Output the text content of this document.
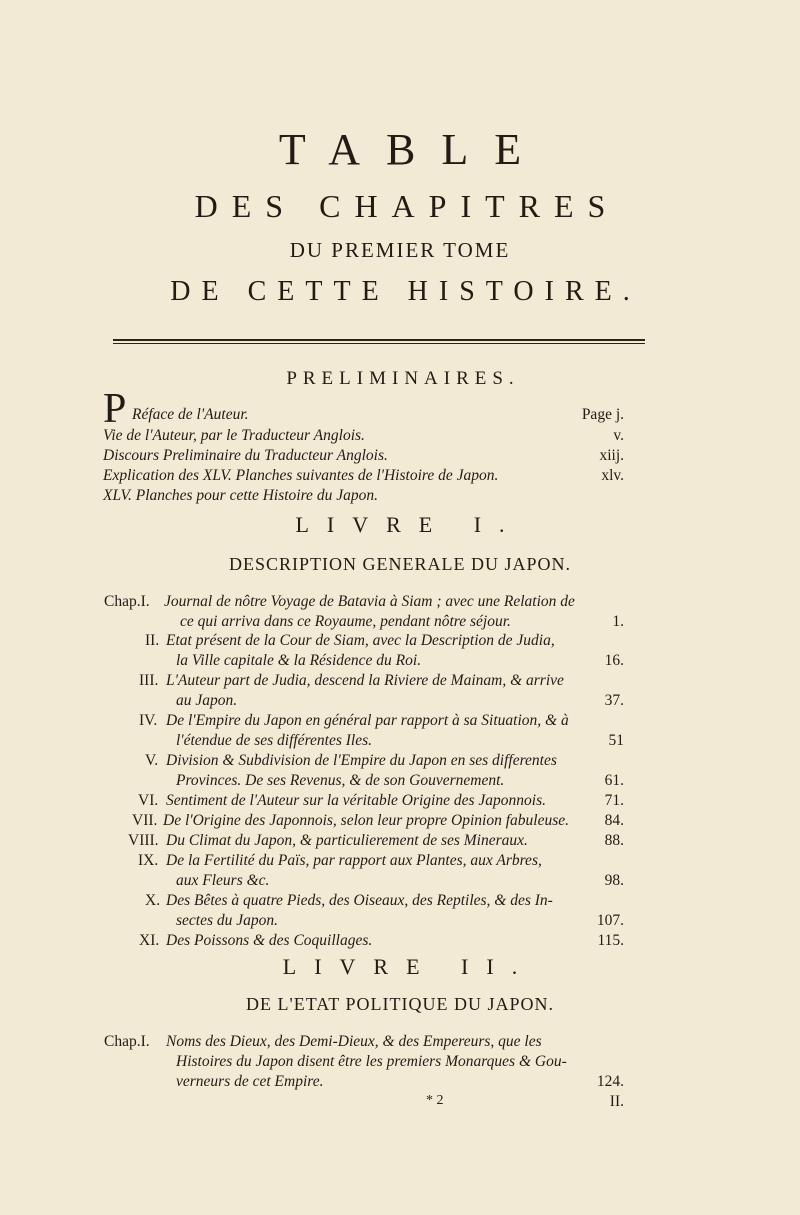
TABLE
DES CHAPITRES
DU PREMIER TOME
DE CETTE HISTOIRE.
PRELIMINAIRES.
P Réface de l'Auteur.	Page j.
Vie de l'Auteur, par le Traducteur Anglois.	v.
Discours Preliminaire du Traducteur Anglois.	xiij.
Explication des XLV. Planches suivantes de l'Histoire de Japon.	xlv.
XLV. Planches pour cette Histoire du Japon.
LIVRE I.
DESCRIPTION GENERALE DU JAPON.
Chap.I. Journal de nôtre Voyage de Batavia à Siam ; avec une Relation de
ce qui arriva dans ce Royaume, pendant nôtre séjour.	1.
II. Etat présent de la Cour de Siam, avec la Description de Judia,
la Ville capitale & la Résidence du Roi.	16.
III. L'Auteur part de Judia, descend la Riviere de Mainam, & arrive
au Japon.	37.
IV. De l'Empire du Japon en général par rapport à sa Situation, & à
l'étendue de ses différentes Iles.	51
V. Division & Subdivision de l'Empire du Japon en ses differentes
Provinces. De ses Revenus, & de son Gouvernement.	61.
VI. Sentiment de l'Auteur sur la véritable Origine des Japonnois.	71.
VII. De l'Origine des Japonnois, selon leur propre Opinion fabuleuse. 84.
VIII. Du Climat du Japon, & particulierement de ses Mineraux.	88.
IX. De la Fertilité du Païs, par rapport aux Plantes, aux Arbres,
aux Fleurs &c.	98.
X. Des Bêtes à quatre Pieds, des Oiseaux, des Reptiles, & des In-
sectes du Japon.	107.
XI. Des Poissons & des Coquillages.	115.
LIVRE II.
DE L'ETAT POLITIQUE DU JAPON.
Chap.I. Noms des Dieux, des Demi-Dieux, & des Empereurs, que les
Histoires du Japon disent être les premiers Monarques & Gou-
verneurs de cet Empire.	124.
* 2	II.
